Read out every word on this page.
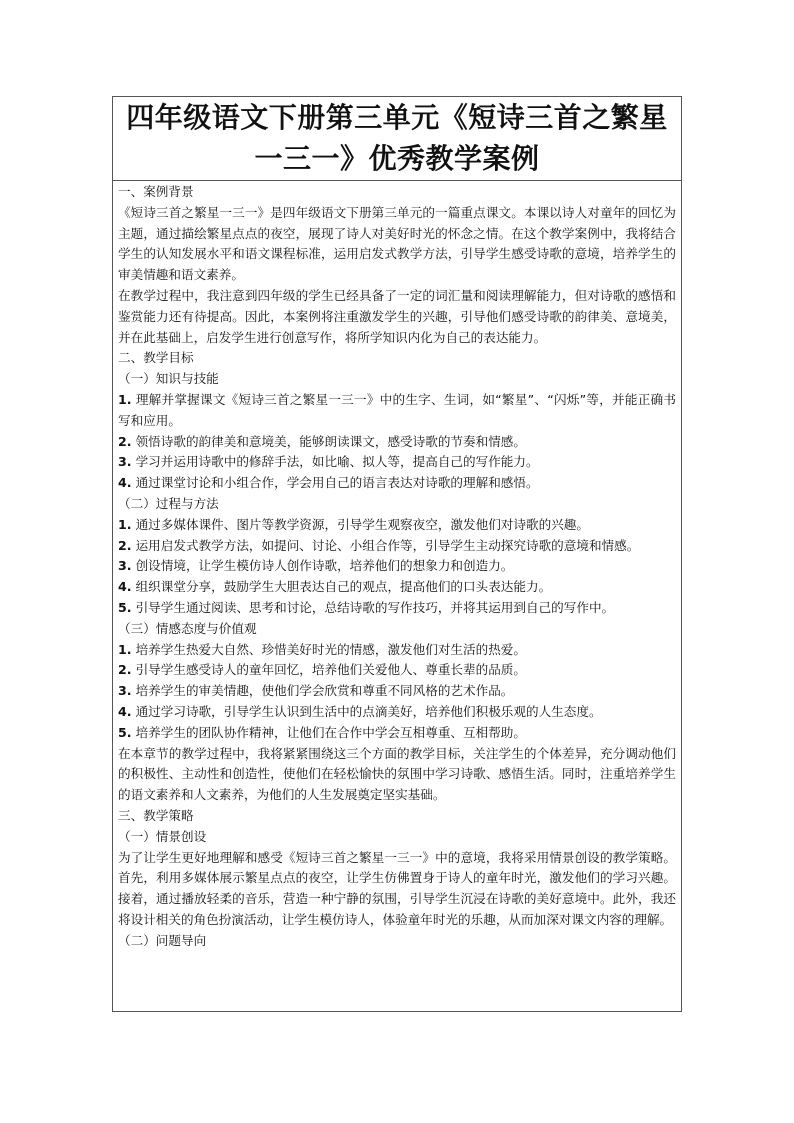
四年级语文下册第三单元《短诗三首之繁星一三一》优秀教学案例

一、案例背景

《短诗三首之繁星一三一》是四年级语文下册第三单元的一篇重点课文。本课以诗人对童年的回忆为主题，通过描绘繁星点点的夜空，展现了诗人对美好时光的怀念之情。在这个教学案例中，我将结合学生的认知发展水平和语文课程标准，运用启发式教学方法，引导学生感受诗歌的意境，培养学生的审美情趣和语文素养。

在教学过程中，我注意到四年级的学生已经具备了一定的词汇量和阅读理解能力，但对诗歌的感悟和鉴赏能力还有待提高。因此，本案例将注重激发学生的兴趣，引导他们感受诗歌的韵律美、意境美，并在此基础上，启发学生进行创意写作，将所学知识内化为自己的表达能力。

二、教学目标

（一）知识与技能

1. 理解并掌握课文《短诗三首之繁星一三一》中的生字、生词，如“繁星”、“闪烁”等，并能正确书写和应用。

2. 领悟诗歌的韵律美和意境美，能够朗读课文，感受诗歌的节奏和情感。

3. 学习并运用诗歌中的修辞手法，如比喻、拟人等，提高自己的写作能力。

4. 通过课堂讨论和小组合作，学会用自己的语言表达对诗歌的理解和感悟。

（二）过程与方法

1. 通过多媒体课件、图片等教学资源，引导学生观察夜空，激发他们对诗歌的兴趣。

2. 运用启发式教学方法，如提问、讨论、小组合作等，引导学生主动探究诗歌的意境和情感。

3. 创设情境，让学生模仿诗人创作诗歌，培养他们的想象力和创造力。

4. 组织课堂分享，鼓励学生大胆表达自己的观点，提高他们的口头表达能力。

5. 引导学生通过阅读、思考和讨论，总结诗歌的写作技巧，并将其运用到自己的写作中。

（三）情感态度与价值观

1. 培养学生热爱大自然、珍惜美好时光的情感，激发他们对生活的热爱。

2. 引导学生感受诗人的童年回忆，培养他们关爱他人、尊重长辈的品质。

3. 培养学生的审美情趣，使他们学会欣赏和尊重不同风格的艺术作品。

4. 通过学习诗歌，引导学生认识到生活中的点滴美好，培养他们积极乐观的人生态度。

5. 培养学生的团队协作精神，让他们在合作中学会互相尊重、互相帮助。

在本章节的教学过程中，我将紧紧围绕这三个方面的教学目标，关注学生的个体差异，充分调动他们的积极性、主动性和创造性，使他们在轻松愉快的氛围中学习诗歌、感悟生活。同时，注重培养学生的语文素养和人文素养，为他们的人生发展奠定坚实基础。

三、教学策略

（一）情景创设

为了让学生更好地理解和感受《短诗三首之繁星一三一》中的意境，我将采用情景创设的教学策略。首先，利用多媒体展示繁星点点的夜空，让学生仿佛置身于诗人的童年时光，激发他们的学习兴趣。接着，通过播放轻柔的音乐，营造一种宁静的氛围，引导学生沉浸在诗歌的美好意境中。此外，我还将设计相关的角色扮演活动，让学生模仿诗人，体验童年时光的乐趣，从而加深对课文内容的理解。

（二）问题导向
